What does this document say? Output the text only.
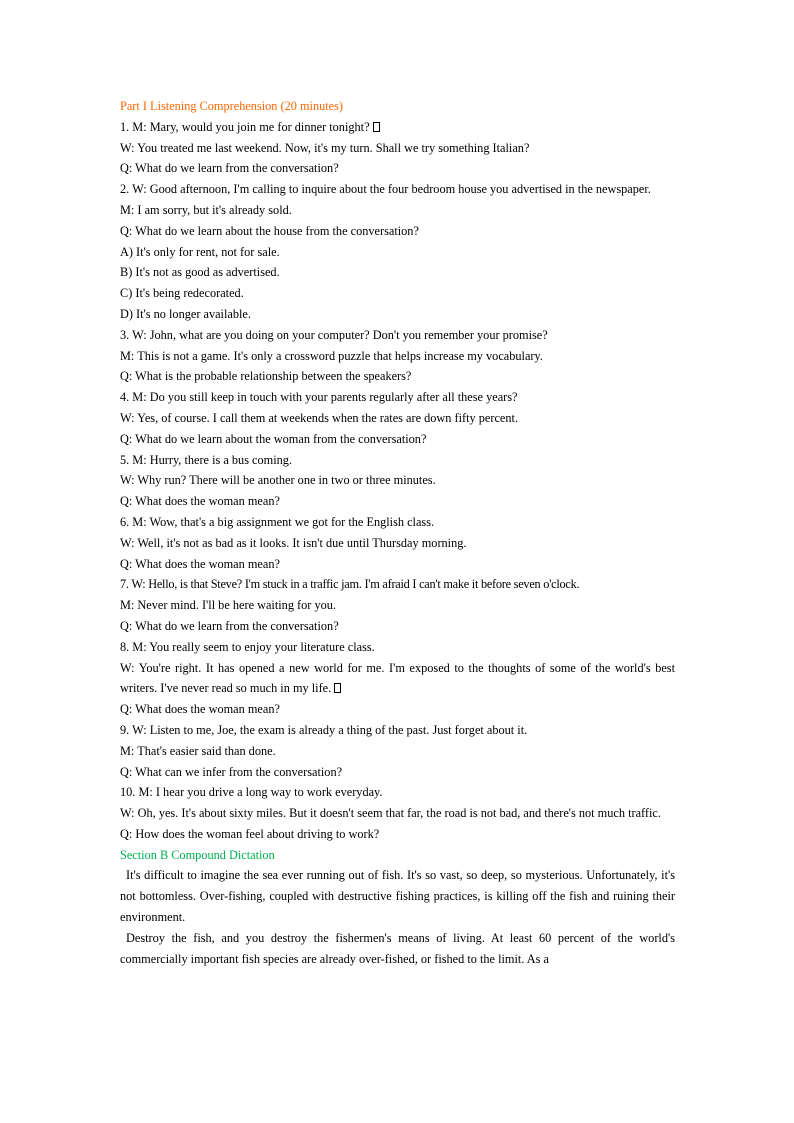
Part I Listening Comprehension (20 minutes)

1. M: Mary, would you join me for dinner tonight?

W: You treated me last weekend. Now, it's my turn. Shall we try something Italian?

Q: What do we learn from the conversation?

2. W: Good afternoon, I'm calling to inquire about the four bedroom house you advertised in the newspaper.

M: I am sorry, but it's already sold.

Q: What do we learn about the house from the conversation?

A) It's only for rent, not for sale.

B) It's not as good as advertised.

C) It's being redecorated.

D) It's no longer available.

3. W: John, what are you doing on your computer? Don't you remember your promise?

M: This is not a game. It's only a crossword puzzle that helps increase my vocabulary.

Q: What is the probable relationship between the speakers?

4. M: Do you still keep in touch with your parents regularly after all these years?

W: Yes, of course. I call them at weekends when the rates are down fifty percent.

Q: What do we learn about the woman from the conversation?

5. M: Hurry, there is a bus coming.

W: Why run? There will be another one in two or three minutes.

Q: What does the woman mean?

6. M: Wow, that's a big assignment we got for the English class.

W: Well, it's not as bad as it looks. It isn't due until Thursday morning.

Q: What does the woman mean?

7. W: Hello, is that Steve? I'm stuck in a traffic jam. I'm afraid I can't make it before seven o'clock.

M: Never mind. I'll be here waiting for you.

Q: What do we learn from the conversation?

8. M: You really seem to enjoy your literature class.

W: You're right. It has opened a new world for me. I'm exposed to the thoughts of some of the world's best writers. I've never read so much in my life.

Q: What does the woman mean?

9. W: Listen to me, Joe, the exam is already a thing of the past. Just forget about it.

M: That's easier said than done.

Q: What can we infer from the conversation?

10. M: I hear you drive a long way to work everyday.

W: Oh, yes. It's about sixty miles. But it doesn't seem that far, the road is not bad, and there's not much traffic.

Q: How does the woman feel about driving to work?

Section B Compound Dictation

It's difficult to imagine the sea ever running out of fish. It's so vast, so deep, so mysterious. Unfortunately, it's not bottomless. Over-fishing, coupled with destructive fishing practices, is killing off the fish and ruining their environment.

Destroy the fish, and you destroy the fishermen's means of living. At least 60 percent of the world's commercially important fish species are already over-fished, or fished to the limit. As a
